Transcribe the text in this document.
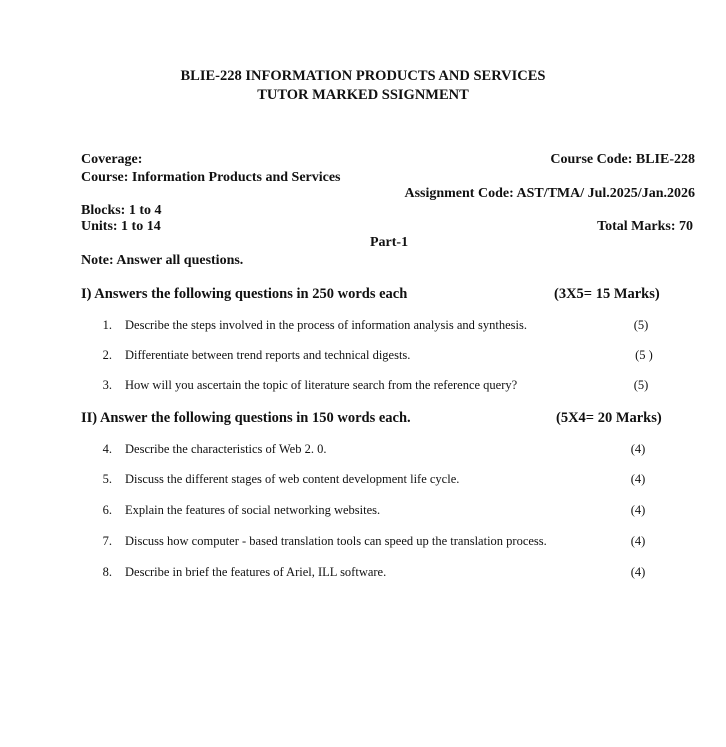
BLIE-228 INFORMATION PRODUCTS AND SERVICES
TUTOR MARKED SSIGNMENT
Coverage:	Course Code: BLIE-228
Course: Information Products and Services
Assignment Code: AST/TMA/ Jul.2025/Jan.2026
Blocks: 1 to 4
Units: 1 to 14	Total Marks: 70
Part-1
Note: Answer all questions.
I) Answers the following questions in 250 words each	(3X5= 15 Marks)
1. Describe the steps involved in the process of information analysis and synthesis.	(5)
2. Differentiate between trend reports and technical digests.	(5 )
3. How will you ascertain the topic of literature search from the reference query?	(5)
II) Answer the following questions in 150 words each.	(5X4= 20 Marks)
4. Describe the characteristics of Web 2. 0.	(4)
5. Discuss the different stages of web content development life cycle.	(4)
6. Explain the features of social networking websites.	(4)
7. Discuss how computer - based translation tools can speed up the translation process.	(4)
8. Describe in brief the features of Ariel, ILL software.	(4)
